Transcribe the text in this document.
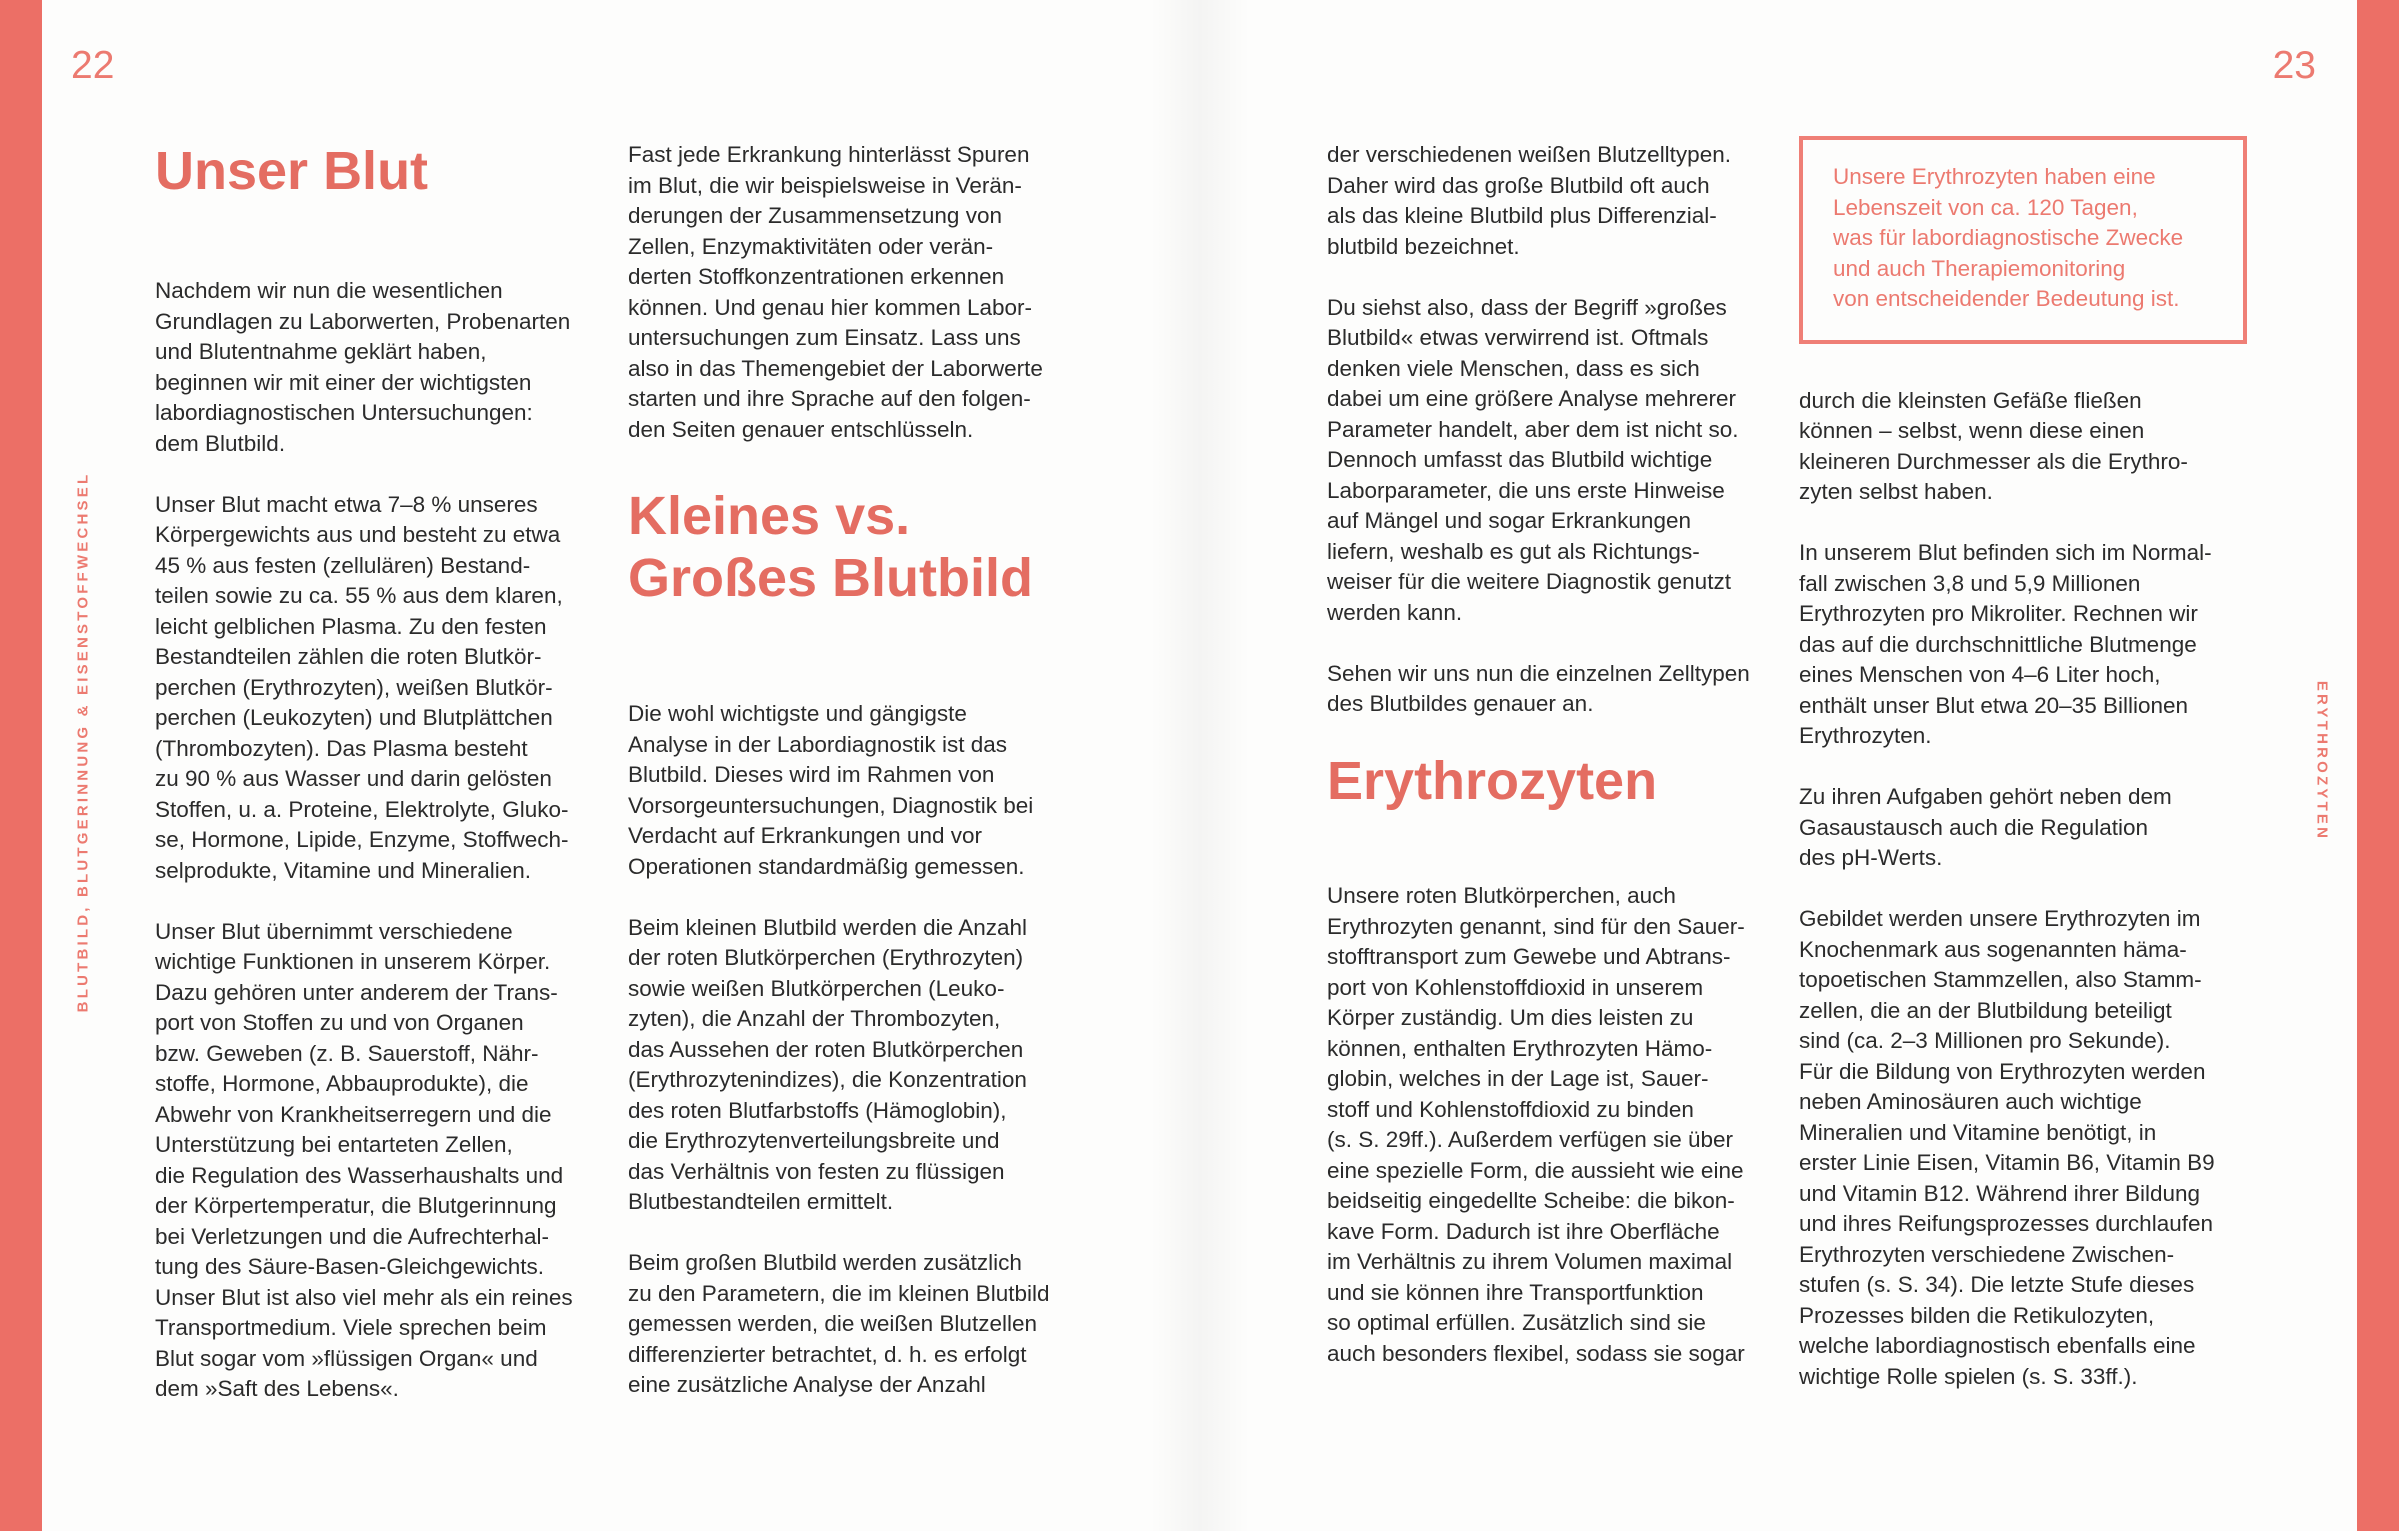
22	23
BLUTBILD, BLUTGERINNUNG & EISENSTOFFWECHSEL	ERYTHROZYTEN
Unser Blut

Nachdem wir nun die wesentlichen
Grundlagen zu Laborwerten, Probenarten
und Blutentnahme geklärt haben,
beginnen wir mit einer der wichtigsten
labordiagnostischen Untersuchungen:
dem Blutbild.

Unser Blut macht etwa 7–8 % unseres
Körpergewichts aus und besteht zu etwa
45 % aus festen (zellulären) Bestand-
teilen sowie zu ca. 55 % aus dem klaren,
leicht gelblichen Plasma. Zu den festen
Bestandteilen zählen die roten Blutkör-
perchen (Erythrozyten), weißen Blutkör-
perchen (Leukozyten) und Blutplättchen
(Thrombozyten). Das Plasma besteht
zu 90 % aus Wasser und darin gelösten
Stoffen, u. a. Proteine, Elektrolyte, Gluko-
se, Hormone, Lipide, Enzyme, Stoffwech-
selprodukte, Vitamine und Mineralien.

Unser Blut übernimmt verschiedene
wichtige Funktionen in unserem Körper.
Dazu gehören unter anderem der Trans-
port von Stoffen zu und von Organen
bzw. Geweben (z. B. Sauerstoff, Nähr-
stoffe, Hormone, Abbauprodukte), die
Abwehr von Krankheitserregern und die
Unterstützung bei entarteten Zellen,
die Regulation des Wasserhaushalts und
der Körpertemperatur, die Blutgerinnung
bei Verletzungen und die Aufrechterhal-
tung des Säure-Basen-Gleichgewichts.
Unser Blut ist also viel mehr als ein reines
Transportmedium. Viele sprechen beim
Blut sogar vom »flüssigen Organ« und
dem »Saft des Lebens«.

Fast jede Erkrankung hinterlässt Spuren
im Blut, die wir beispielsweise in Verän-
derungen der Zusammensetzung von
Zellen, Enzymaktivitäten oder verän-
derten Stoffkonzentrationen erkennen
können. Und genau hier kommen Labor-
untersuchungen zum Einsatz. Lass uns
also in das Themengebiet der Laborwerte
starten und ihre Sprache auf den folgen-
den Seiten genauer entschlüsseln.

Kleines vs.
Großes Blutbild

Die wohl wichtigste und gängigste
Analyse in der Labordiagnostik ist das
Blutbild. Dieses wird im Rahmen von
Vorsorgeuntersuchungen, Diagnostik bei
Verdacht auf Erkrankungen und vor
Operationen standardmäßig gemessen.

Beim kleinen Blutbild werden die Anzahl
der roten Blutkörperchen (Erythrozyten)
sowie weißen Blutkörperchen (Leuko-
zyten), die Anzahl der Thrombozyten,
das Aussehen der roten Blutkörperchen
(Erythrozytenindizes), die Konzentration
des roten Blutfarbstoffs (Hämoglobin),
die Erythrozytenverteilungsbreite und
das Verhältnis von festen zu flüssigen
Blutbestandteilen ermittelt.

Beim großen Blutbild werden zusätzlich
zu den Parametern, die im kleinen Blutbild
gemessen werden, die weißen Blutzellen
differenzierter betrachtet, d. h. es erfolgt
eine zusätzliche Analyse der Anzahl

der verschiedenen weißen Blutzelltypen.
Daher wird das große Blutbild oft auch
als das kleine Blutbild plus Differenzial-
blutbild bezeichnet.

Du siehst also, dass der Begriff »großes
Blutbild« etwas verwirrend ist. Oftmals
denken viele Menschen, dass es sich
dabei um eine größere Analyse mehrerer
Parameter handelt, aber dem ist nicht so.
Dennoch umfasst das Blutbild wichtige
Laborparameter, die uns erste Hinweise
auf Mängel und sogar Erkrankungen
liefern, weshalb es gut als Richtungs-
weiser für die weitere Diagnostik genutzt
werden kann.

Sehen wir uns nun die einzelnen Zelltypen
des Blutbildes genauer an.

Erythrozyten

Unsere roten Blutkörperchen, auch
Erythrozyten genannt, sind für den Sauer-
stofftransport zum Gewebe und Abtrans-
port von Kohlenstoffdioxid in unserem
Körper zuständig. Um dies leisten zu
können, enthalten Erythrozyten Hämo-
globin, welches in der Lage ist, Sauer-
stoff und Kohlenstoffdioxid zu binden
(s. S. 29ff.). Außerdem verfügen sie über
eine spezielle Form, die aussieht wie eine
beidseitig eingedellte Scheibe: die bikon-
kave Form. Dadurch ist ihre Oberfläche
im Verhältnis zu ihrem Volumen maximal
und sie können ihre Transportfunktion
so optimal erfüllen. Zusätzlich sind sie
auch besonders flexibel, sodass sie sogar

Unsere Erythrozyten haben eine
Lebenszeit von ca. 120 Tagen,
was für labordiagnostische Zwecke
und auch Therapiemonitoring
von entscheidender Bedeutung ist.

durch die kleinsten Gefäße fließen
können – selbst, wenn diese einen
kleineren Durchmesser als die Erythro-
zyten selbst haben.

In unserem Blut befinden sich im Normal-
fall zwischen 3,8 und 5,9 Millionen
Erythrozyten pro Mikroliter. Rechnen wir
das auf die durchschnittliche Blutmenge
eines Menschen von 4–6 Liter hoch,
enthält unser Blut etwa 20–35 Billionen
Erythrozyten.

Zu ihren Aufgaben gehört neben dem
Gasaustausch auch die Regulation
des pH-Werts.

Gebildet werden unsere Erythrozyten im
Knochenmark aus sogenannten häma-
topoetischen Stammzellen, also Stamm-
zellen, die an der Blutbildung beteiligt
sind (ca. 2–3 Millionen pro Sekunde).
Für die Bildung von Erythrozyten werden
neben Aminosäuren auch wichtige
Mineralien und Vitamine benötigt, in
erster Linie Eisen, Vitamin B6, Vitamin B9
und Vitamin B12. Während ihrer Bildung
und ihres Reifungsprozesses durchlaufen
Erythrozyten verschiedene Zwischen-
stufen (s. S. 34). Die letzte Stufe dieses
Prozesses bilden die Retikulozyten,
welche labordiagnostisch ebenfalls eine
wichtige Rolle spielen (s. S. 33ff.).
